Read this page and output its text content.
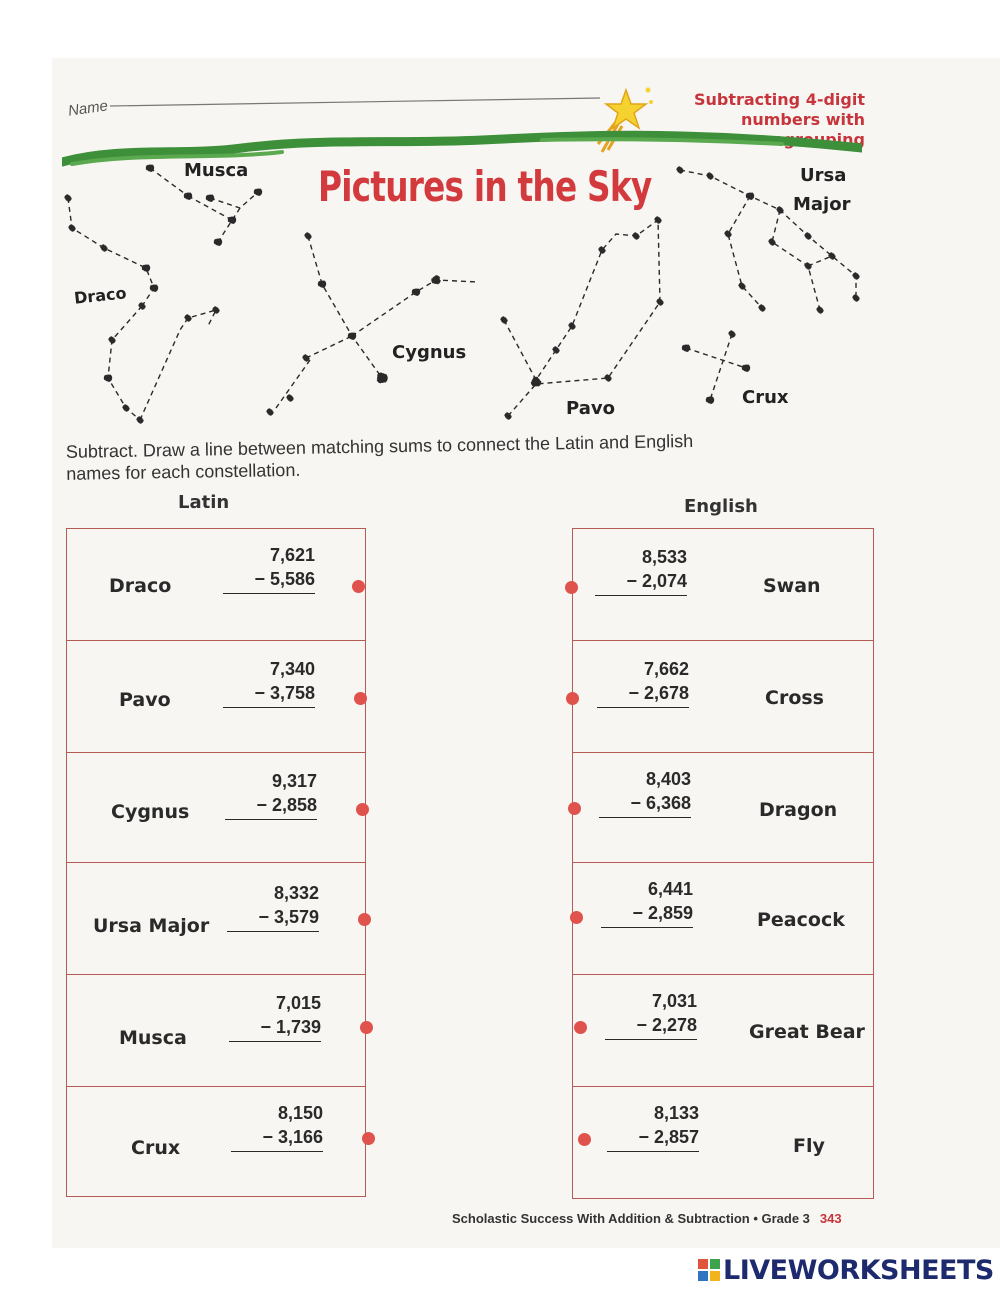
Name	Subtracting 4-digit
numbers with regrouping
Pictures in the Sky
Musca	Ursa
Major
Draco
Cygnus
Pavo
Crux
Subtract. Draw a line between matching sums to connect the Latin and English
names for each constellation.
Latin	English
Draco
7,621
− 5,586
Pavo
7,340
− 3,758
Cygnus
9,317
− 2,858
Ursa Major
8,332
− 3,579
Musca
7,015
− 1,739
Crux
8,150
− 3,166
Swan
8,533
− 2,074
Cross
7,662
− 2,678
Dragon
8,403
− 6,368
Peacock
6,441
− 2,859
Great Bear
7,031
− 2,278
Fly
8,133
− 2,857
Scholastic Success With Addition & Subtraction • Grade 3 343
LIVEWORKSHEETS
